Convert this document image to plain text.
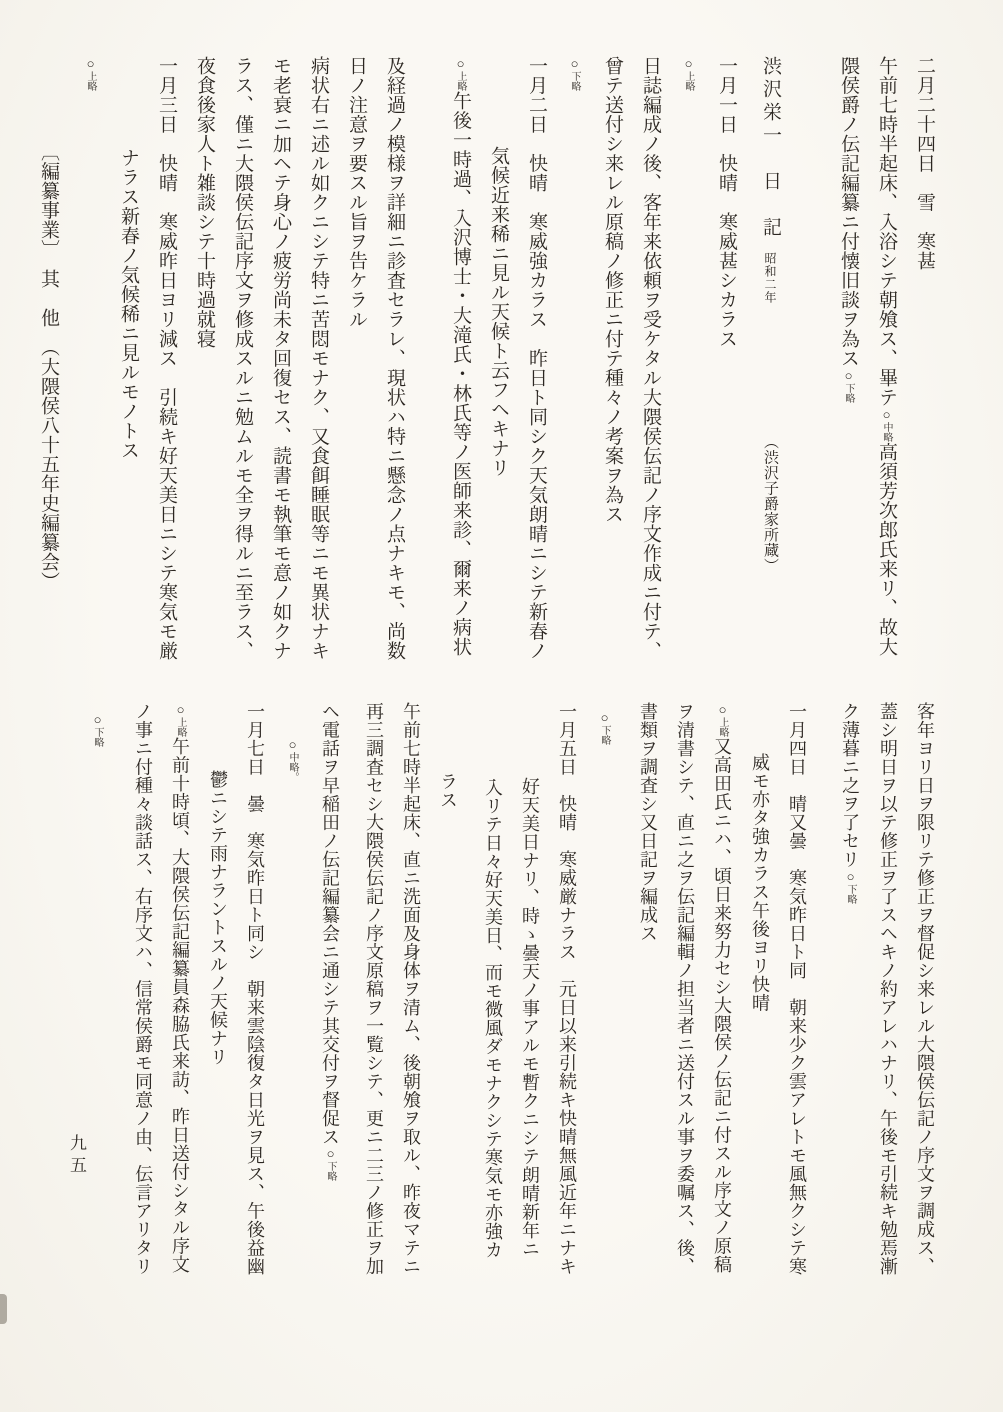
二月二十四日　雪　寒甚
午前七時半起床、入浴シテ朝飧ス、畢テ○中略高須芳次郎氏来リ、故大
隈侯爵ノ伝記編纂ニ付懐旧談ヲ為ス○下略
渋沢栄一　日　記昭和二年（渋沢子爵家所蔵）
一月一日　快晴　寒威甚シカラス
○上略
日誌編成ノ後、客年来依頼ヲ受ケタル大隈侯伝記ノ序文作成ニ付テ、
曾テ送付シ来レル原稿ノ修正ニ付テ種々ノ考案ヲ為ス
○下略
一月二日　快晴　寒威強カラス　昨日ト同シク天気朗晴ニシテ新春ノ
気候近来稀ニ見ル天候ト云フヘキナリ
○上略午後一時過、入沢博士・大滝氏・林氏等ノ医師来診、爾来ノ病状
及経過ノ模様ヲ詳細ニ診査セラレ、現状ハ特ニ懸念ノ点ナキモ、尚数
日ノ注意ヲ要スル旨ヲ告ケラル
病状右ニ述ル如クニシテ特ニ苦悶モナク、又食餌睡眠等ニモ異状ナキ
モ老衰ニ加ヘテ身心ノ疲労尚未タ回復セス、読書モ執筆モ意ノ如クナ
ラス、僅ニ大隈侯伝記序文ヲ修成スルニ勉ムルモ全ヲ得ルニ至ラス、
夜食後家人ト雑談シテ十時過就寝
一月三日　快晴　寒威昨日ヨリ減ス　引続キ好天美日ニシテ寒気モ厳
ナラス新春ノ気候稀ニ見ルモノトス
○上略
〔編纂事業〕　其　他　（大隈侯八十五年史編纂会）
客年ヨリ日ヲ限リテ修正ヲ督促シ来レル大隈侯伝記ノ序文ヲ調成ス、
蓋シ明日ヲ以テ修正ヲ了スヘキノ約アレハナリ、午後モ引続キ勉焉漸
ク薄暮ニ之ヲ了セリ○下略
一月四日　晴又曇　寒気昨日ト同　朝来少ク雲アレトモ風無クシテ寒
威モ亦タ強カラス午後ヨリ快晴
○上略又高田氏ニハ、頃日来努力セシ大隈侯ノ伝記ニ付スル序文ノ原稿
ヲ清書シテ、直ニ之ヲ伝記編輯ノ担当者ニ送付スル事ヲ委嘱ス、後、
書類ヲ調査シ又日記ヲ編成ス
○下略
一月五日　快晴　寒威厳ナラス　元日以来引続キ快晴無風近年ニナキ
好天美日ナリ、時ゝ曇天ノ事アルモ暫クニシテ朗晴新年ニ
入リテ日々好天美日、而モ微風ダモナクシテ寒気モ亦強カ
ラス
午前七時半起床、直ニ洗面及身体ヲ清ム、後朝飧ヲ取ル、昨夜マテニ
再三調査セシ大隈侯伝記ノ序文原稿ヲ一覧シテ、更ニ二三ノ修正ヲ加
ヘ電話ヲ早稲田ノ伝記編纂会ニ通シテ其交付ヲ督促ス○下略
○中略。
一月七日　曇　寒気昨日ト同シ　朝来雲陰復タ日光ヲ見ス、午後益幽
鬱ニシテ雨ナラントスルノ天候ナリ
○上略午前十時頃、大隈侯伝記編纂員森脇氏来訪、昨日送付シタル序文
ノ事ニ付種々談話ス、右序文ハ、信常侯爵モ同意ノ由、伝言アリタリ
○下略
九五
